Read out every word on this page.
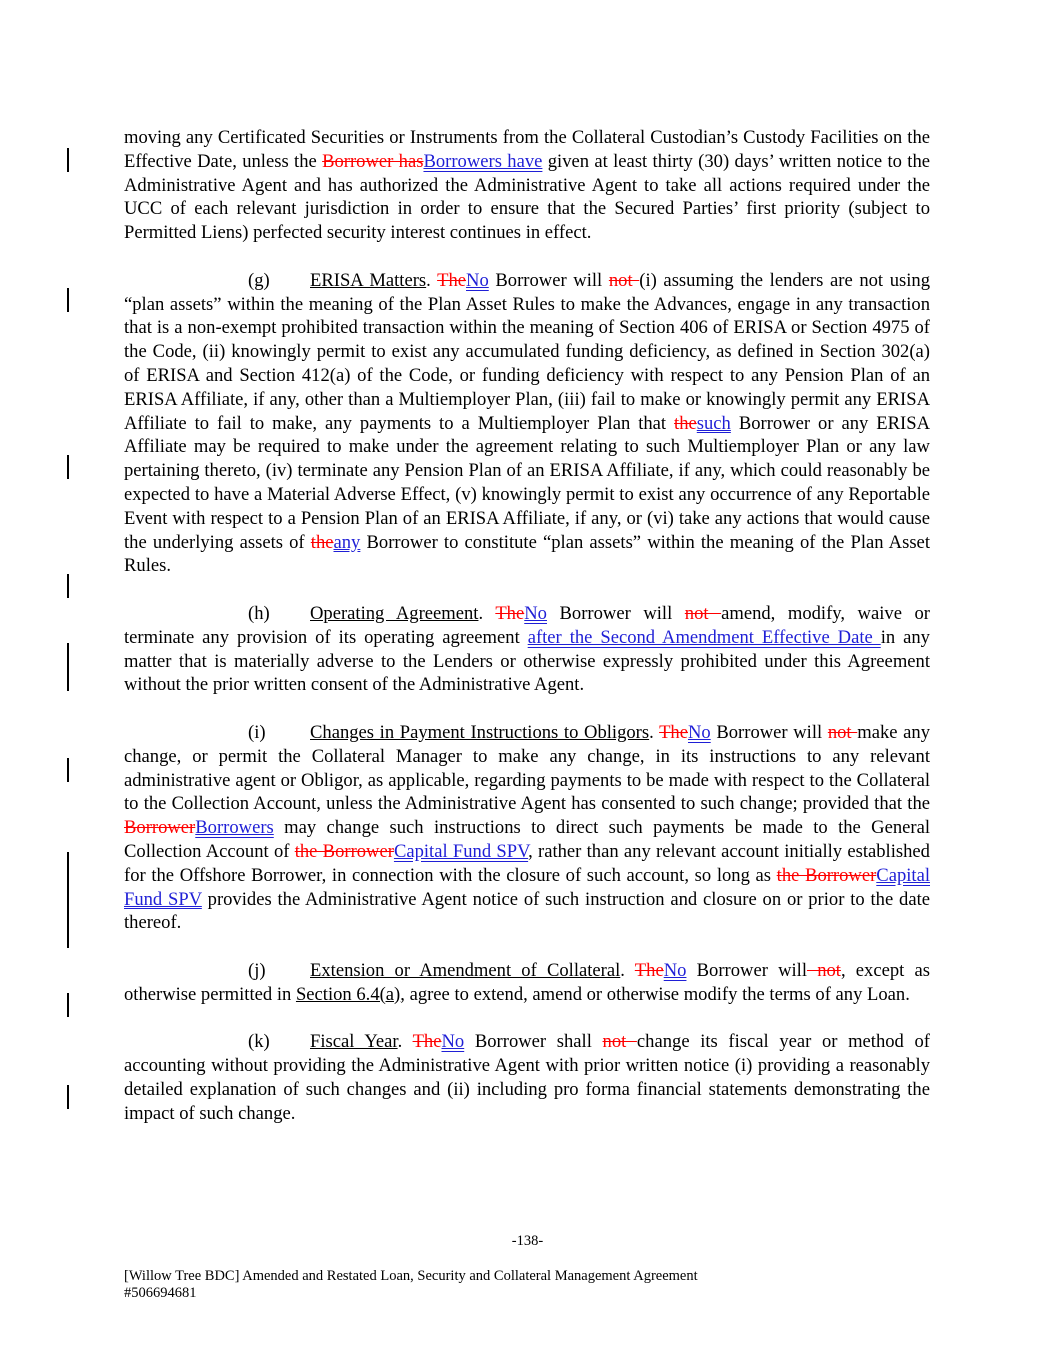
moving any Certificated Securities or Instruments from the Collateral Custodian’s Custody Facilities on the Effective Date, unless the Borrower hasBorrowers have given at least thirty (30) days’ written notice to the Administrative Agent and has authorized the Administrative Agent to take all actions required under the UCC of each relevant jurisdiction in order to ensure that the Secured Parties’ first priority (subject to Permitted Liens) perfected security interest continues in effect.

(g) ERISA Matters. TheNo Borrower will not (i) assuming the lenders are not using “plan assets” within the meaning of the Plan Asset Rules to make the Advances, engage in any transaction that is a non-exempt prohibited transaction within the meaning of Section 406 of ERISA or Section 4975 of the Code, (ii) knowingly permit to exist any accumulated funding deficiency, as defined in Section 302(a) of ERISA and Section 412(a) of the Code, or funding deficiency with respect to any Pension Plan of an ERISA Affiliate, if any, other than a Multiemployer Plan, (iii) fail to make or knowingly permit any ERISA Affiliate to fail to make, any payments to a Multiemployer Plan that thesuch Borrower or any ERISA Affiliate may be required to make under the agreement relating to such Multiemployer Plan or any law pertaining thereto, (iv) terminate any Pension Plan of an ERISA Affiliate, if any, which could reasonably be expected to have a Material Adverse Effect, (v) knowingly permit to exist any occurrence of any Reportable Event with respect to a Pension Plan of an ERISA Affiliate, if any, or (vi) take any actions that would cause the underlying assets of theany Borrower to constitute “plan assets” within the meaning of the Plan Asset Rules.

(h) Operating Agreement. TheNo Borrower will not amend, modify, waive or terminate any provision of its operating agreement after the Second Amendment Effective Date in any matter that is materially adverse to the Lenders or otherwise expressly prohibited under this Agreement without the prior written consent of the Administrative Agent.

(i) Changes in Payment Instructions to Obligors. TheNo Borrower will not make any change, or permit the Collateral Manager to make any change, in its instructions to any relevant administrative agent or Obligor, as applicable, regarding payments to be made with respect to the Collateral to the Collection Account, unless the Administrative Agent has consented to such change; provided that the BorrowerBorrowers may change such instructions to direct such payments be made to the General Collection Account of the BorrowerCapital Fund SPV, rather than any relevant account initially established for the Offshore Borrower, in connection with the closure of such account, so long as the BorrowerCapital Fund SPV provides the Administrative Agent notice of such instruction and closure on or prior to the date thereof.

(j) Extension or Amendment of Collateral. TheNo Borrower will not, except as otherwise permitted in Section 6.4(a), agree to extend, amend or otherwise modify the terms of any Loan.

(k) Fiscal Year. TheNo Borrower shall not change its fiscal year or method of accounting without providing the Administrative Agent with prior written notice (i) providing a reasonably detailed explanation of such changes and (ii) including pro forma financial statements demonstrating the impact of such change.

-138-
[Willow Tree BDC] Amended and Restated Loan, Security and Collateral Management Agreement
#506694681
